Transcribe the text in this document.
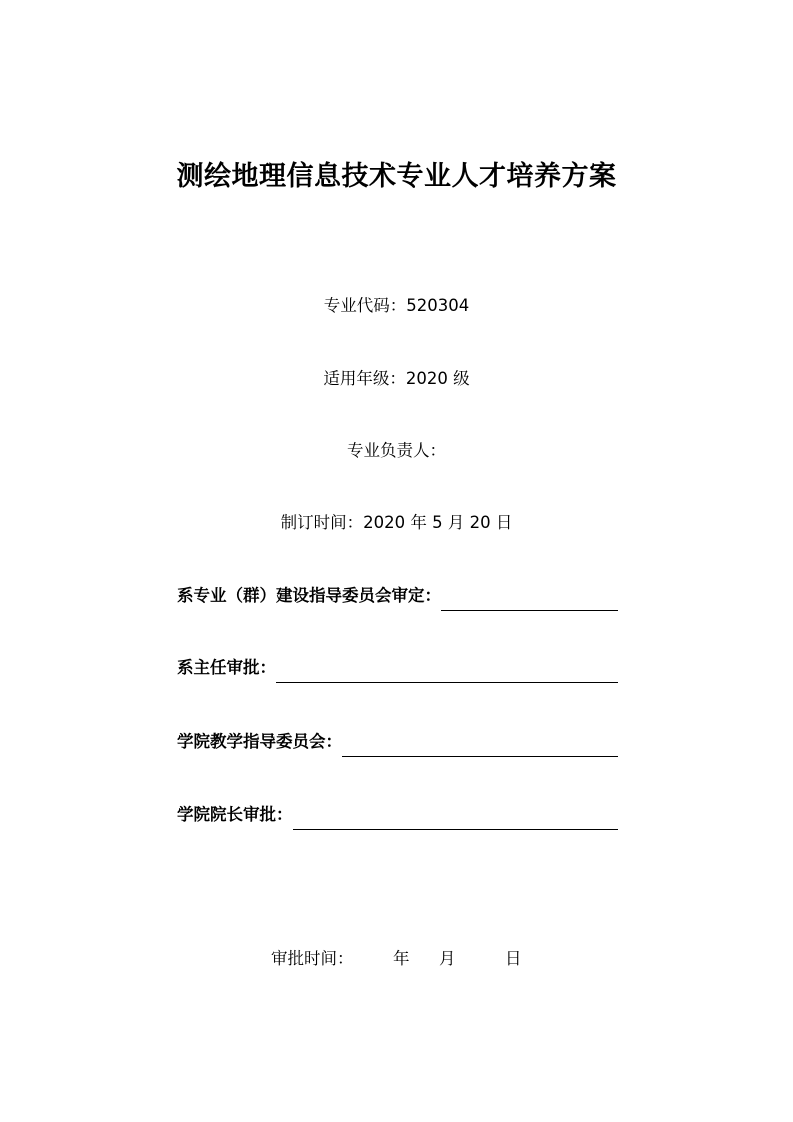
测绘地理信息技术专业人才培养方案
专业代码：520304
适用年级：2020 级
专业负责人：
制订时间：2020 年 5 月 20 日
系专业（群）建设指导委员会审定：
系主任审批：
学院教学指导委员会：
学院院长审批：
审批时间： 年 月	日
